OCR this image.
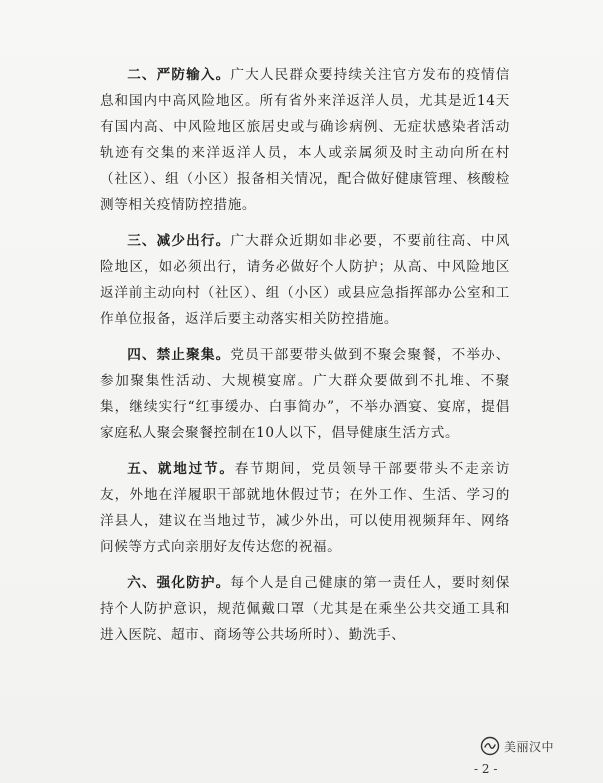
二、严防输入。广大人民群众要持续关注官方发布的疫情信息和国内中高风险地区。所有省外来洋返洋人员，尤其是近14天有国内高、中风险地区旅居史或与确诊病例、无症状感染者活动轨迹有交集的来洋返洋人员，本人或亲属须及时主动向所在村（社区）、组（小区）报备相关情况，配合做好健康管理、核酸检测等相关疫情防控措施。

三、减少出行。广大群众近期如非必要，不要前往高、中风险地区，如必须出行，请务必做好个人防护；从高、中风险地区返洋前主动向村（社区）、组（小区）或县应急指挥部办公室和工作单位报备，返洋后要主动落实相关防控措施。

四、禁止聚集。党员干部要带头做到不聚会聚餐，不举办、参加聚集性活动、大规模宴席。广大群众要做到不扎堆、不聚集，继续实行“红事缓办、白事简办”，不举办酒宴、宴席，提倡家庭私人聚会聚餐控制在10人以下，倡导健康生活方式。

五、就地过节。春节期间，党员领导干部要带头不走亲访友，外地在洋履职干部就地休假过节；在外工作、生活、学习的洋县人，建议在当地过节，减少外出，可以使用视频拜年、网络问候等方式向亲朋好友传达您的祝福。

六、强化防护。每个人是自己健康的第一责任人，要时刻保持个人防护意识，规范佩戴口罩（尤其是在乘坐公共交通工具和进入医院、超市、商场等公共场所时）、勤洗手、

美丽汉中
- 2 -
